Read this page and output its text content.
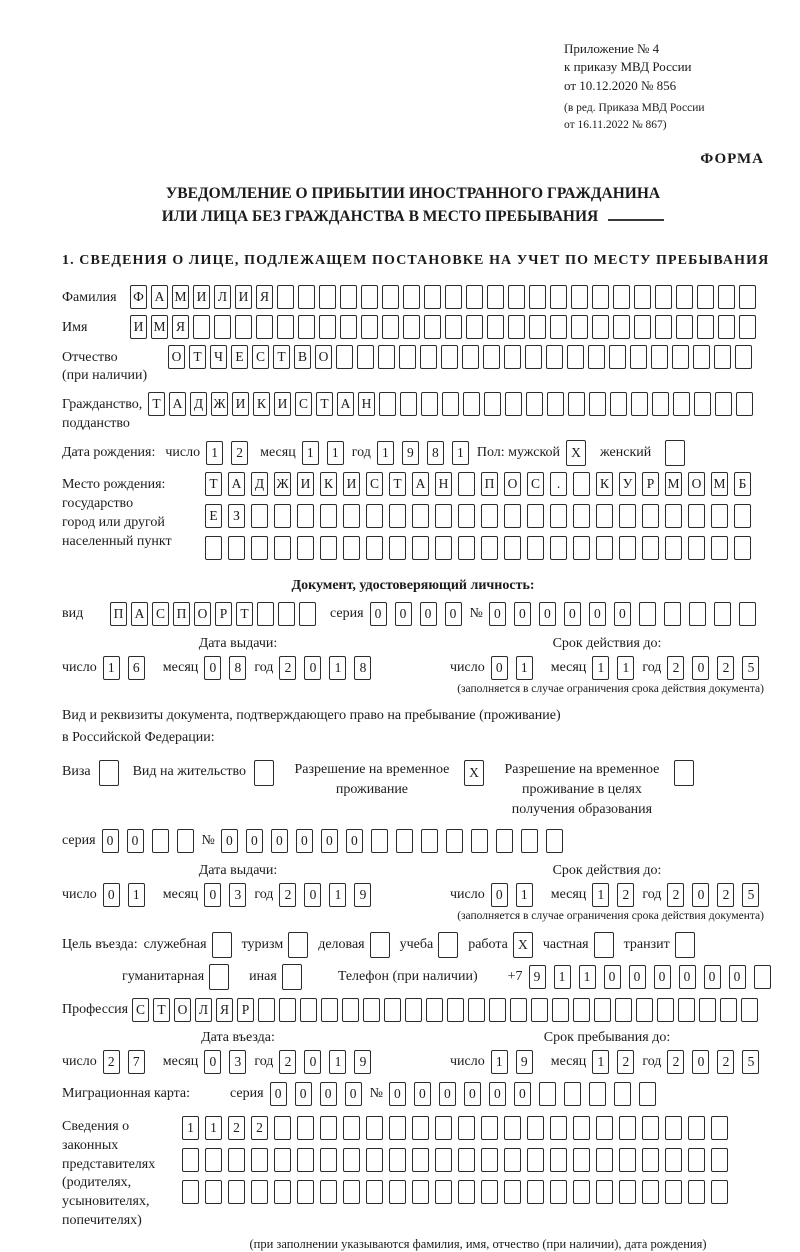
Приложение № 4
к приказу МВД России
от 10.12.2020 № 856
(в ред. Приказа МВД России
от 16.11.2022 № 867)
ФОРМА
УВЕДОМЛЕНИЕ О ПРИБЫТИИ ИНОСТРАННОГО ГРАЖДАНИНА
ИЛИ ЛИЦА БЕЗ ГРАЖДАНСТВА В МЕСТО ПРЕБЫВАНИЯ
1. СВЕДЕНИЯ О ЛИЦЕ, ПОДЛЕЖАЩЕМ ПОСТАНОВКЕ НА УЧЕТ ПО МЕСТУ ПРЕБЫВАНИЯ
Фамилия	Ф А М И Л И Я
Имя	И М Я
Отчество
(при наличии)
О Т Ч Е С Т В О
Гражданство,
подданство
Т А Д Ж И К И С Т А Н
Дата рождения: число 1 2	месяц 1 1 год 1 9 8 1 Пол: мужской X	женский
Место рождения:
государство
город или другой
населенный пункт
Т А Д Ж И К И С Т А Н	П О С .	К У Р М О М Б
Е З
Документ, удостоверяющий личность:
вид	П А С П О Р Т	серия 0 0 0 0 № 0 0 0 0 0 0
Дата выдачи:
число 1 6	месяц 0 8 год 2 0 1 8
Срок действия до:
число 0 1	месяц 1 1 год 2 0 2 5
(заполняется в случае ограничения срока действия документа)
Вид и реквизиты документа, подтверждающего право на пребывание (проживание)
в Российской Федерации:
Виза	Вид на жительство	Разрешение на временное проживание
X	Разрешение на временное проживание в целях получения образования
серия 0 0	№ 0 0 0 0 0 0
Дата выдачи:
число 0 1	месяц 0 3 год 2 0 1 9
Срок действия до:
число 0 1	месяц 1 2 год 2 0 2 5
(заполняется в случае ограничения срока действия документа)
Цель въезда: служебная	туризм	деловая	учеба	работа X	частная	транзит
гуманитарная	иная	Телефон (при наличии) +7 9 1 1 0 0 0 0 0 0
Профессия С Т О Л Я Р
Дата въезда:
число 2 7	месяц 0 3 год 2 0 1 9
Срок пребывания до:
число 1 9	месяц 1 2 год 2 0 2 5
Миграционная карта:	серия 0 0 0 0 № 0 0 0 0 0 0
Сведения о
законных
представителях
(родителях,
усыновителях,
попечителях)
1 1 2 2
(при заполнении указываются фамилия, имя, отчество (при наличии), дата рождения)
